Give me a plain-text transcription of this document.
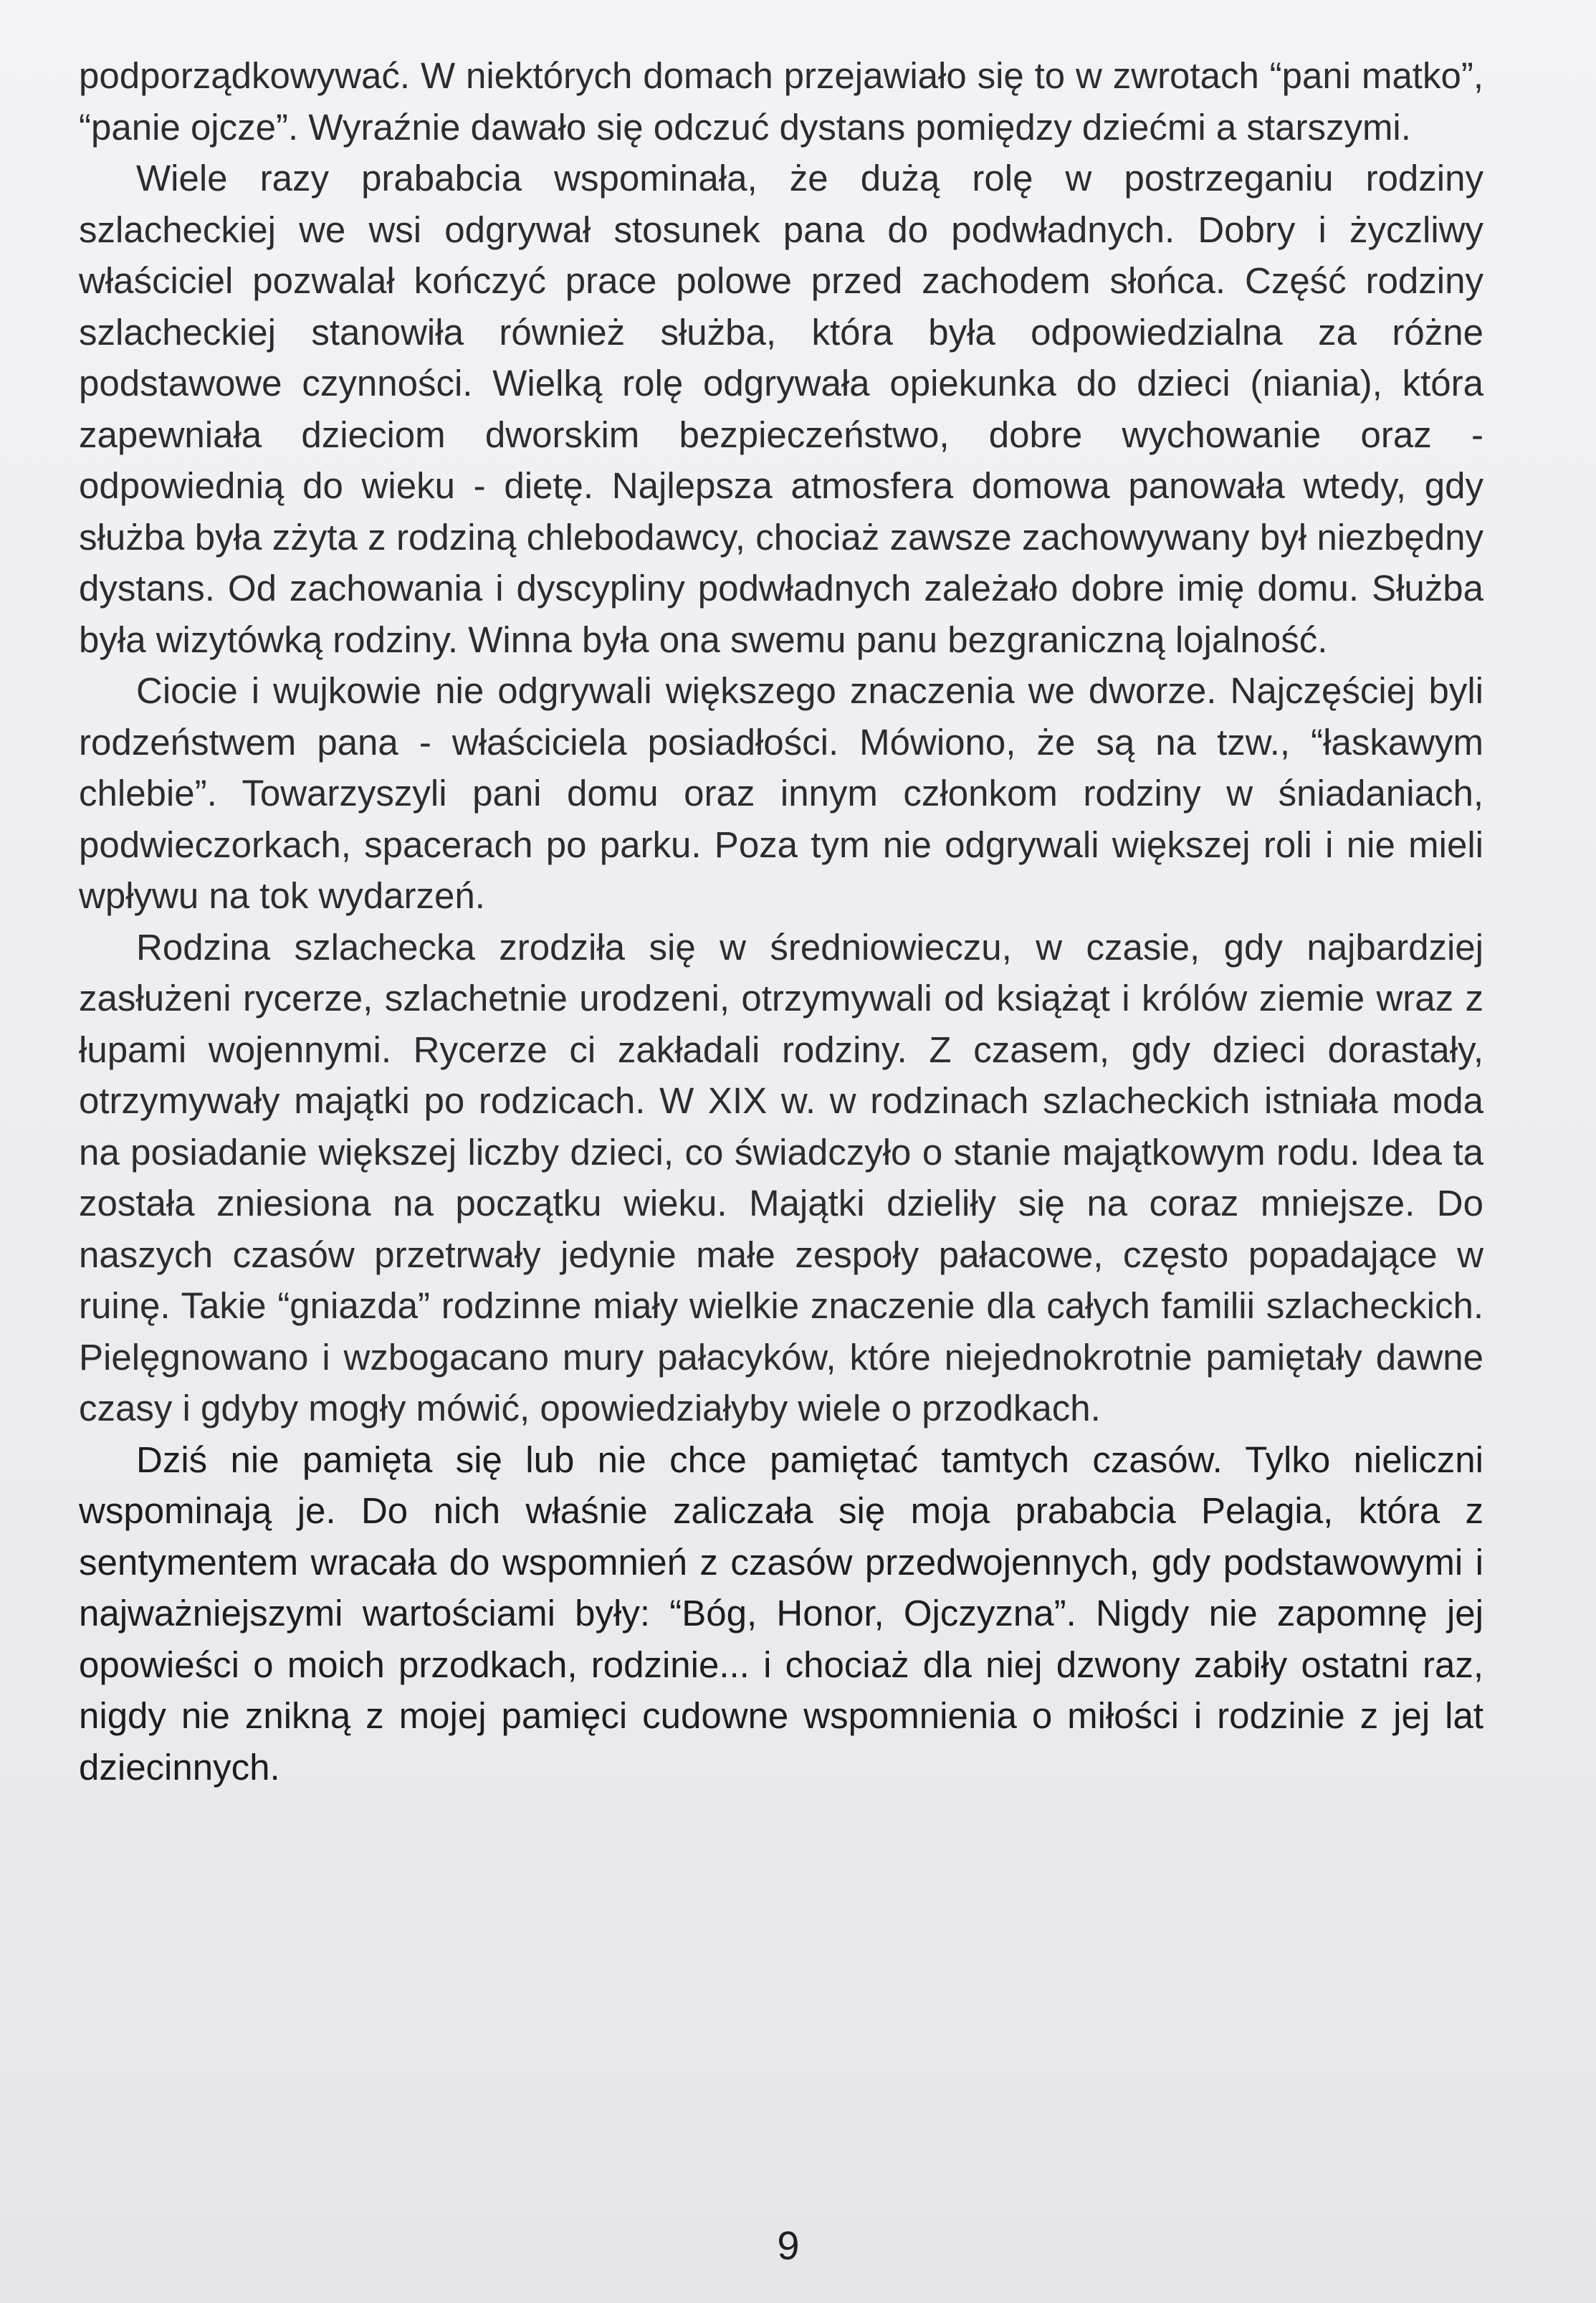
podporządkowywać. W niektórych domach przejawiało się to w zwrotach “pani matko”, “panie ojcze”. Wyraźnie dawało się odczuć dystans pomiędzy dziećmi a starszymi.

Wiele razy prababcia wspominała, że dużą rolę w postrzeganiu rodziny szlacheckiej we wsi odgrywał stosunek pana do podwładnych. Dobry i życzliwy właściciel pozwalał kończyć prace polowe przed zachodem słońca. Część rodziny szlacheckiej stanowiła również służba, która była odpowiedzialna za różne podstawowe czynności. Wielką rolę odgrywała opiekunka do dzieci (niania), która zapewniała dzieciom dworskim bezpieczeństwo, dobre wychowanie oraz - odpowiednią do wieku - dietę. Najlepsza atmosfera domowa panowała wtedy, gdy służba była zżyta z rodziną chlebodawcy, chociaż zawsze zachowywany był niezbędny dystans. Od zachowania i dyscypliny podwładnych zależało dobre imię domu. Służba była wizytówką rodziny. Winna była ona swemu panu bezgraniczną lojalność.

Ciocie i wujkowie nie odgrywali większego znaczenia we dworze. Najczęściej byli rodzeństwem pana - właściciela posiadłości. Mówiono, że są na tzw., “łaskawym chlebie”. Towarzyszyli pani domu oraz innym członkom rodziny w śniadaniach, podwieczorkach, spacerach po parku. Poza tym nie odgrywali większej roli i nie mieli wpływu na tok wydarzeń.

Rodzina szlachecka zrodziła się w średniowieczu, w czasie, gdy najbardziej zasłużeni rycerze, szlachetnie urodzeni, otrzymywali od książąt i królów ziemie wraz z łupami wojennymi. Rycerze ci zakładali rodziny. Z czasem, gdy dzieci dorastały, otrzymywały majątki po rodzicach. W XIX w. w rodzinach szlacheckich istniała moda na posiadanie większej liczby dzieci, co świadczyło o stanie majątkowym rodu. Idea ta została zniesiona na początku wieku. Majątki dzieliły się na coraz mniejsze. Do naszych czasów przetrwały jedynie małe zespoły pałacowe, często popadające w ruinę. Takie “gniazda” rodzinne miały wielkie znaczenie dla całych familii szlacheckich. Pielęgnowano i wzbogacano mury pałacyków, które niejednokrotnie pamiętały dawne czasy i gdyby mogły mówić, opowiedziałyby wiele o przodkach.

Dziś nie pamięta się lub nie chce pamiętać tamtych czasów. Tylko nieliczni wspominają je. Do nich właśnie zaliczała się moja prababcia Pelagia, która z sentymentem wracała do wspomnień z czasów przedwojennych, gdy podstawowymi i najważniejszymi wartościami były: “Bóg, Honor, Ojczyzna”. Nigdy nie zapomnę jej opowieści o moich przodkach, rodzinie... i chociaż dla niej dzwony zabiły ostatni raz, nigdy nie znikną z mojej pamięci cudowne wspomnienia o miłości i rodzinie z jej lat dziecinnych.

9
